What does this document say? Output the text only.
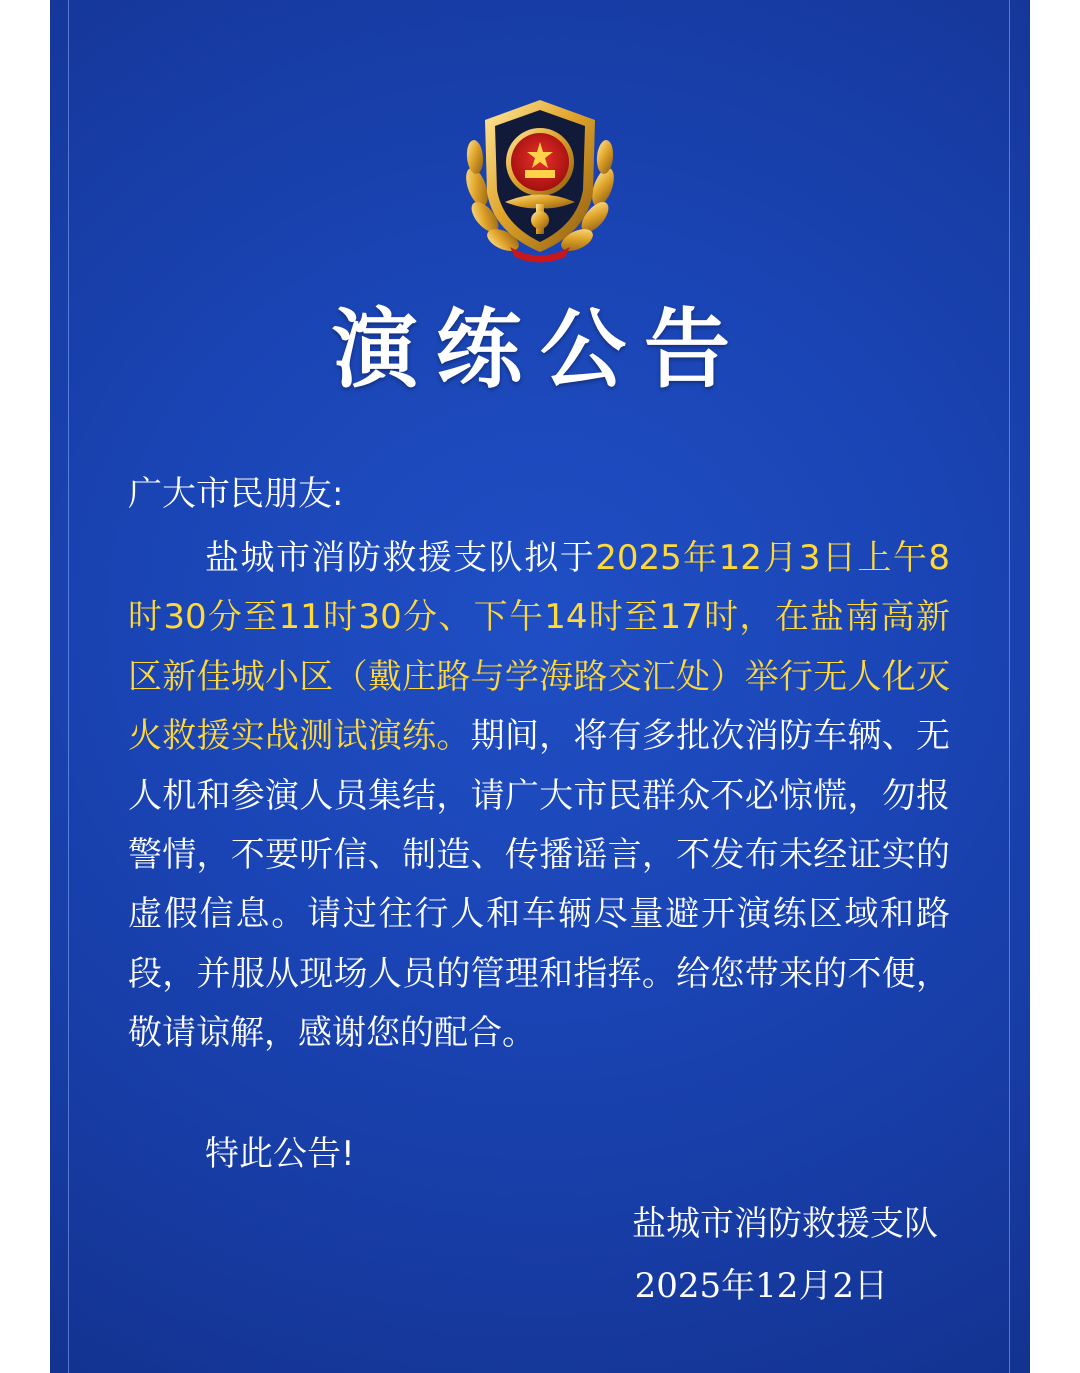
演练公告
广大市民朋友:
盐城市消防救援支队拟于2025年12月3日上午8时30分至11时30分、下午14时至17时，在盐南高新区新佳城小区（戴庄路与学海路交汇处）举行无人化灭火救援实战测试演练。期间，将有多批次消防车辆、无人机和参演人员集结，请广大市民群众不必惊慌，勿报警情，不要听信、制造、传播谣言，不发布未经证实的虚假信息。请过往行人和车辆尽量避开演练区域和路段，并服从现场人员的管理和指挥。给您带来的不便，敬请谅解，感谢您的配合。
特此公告!
盐城市消防救援支队
2025年12月2日
